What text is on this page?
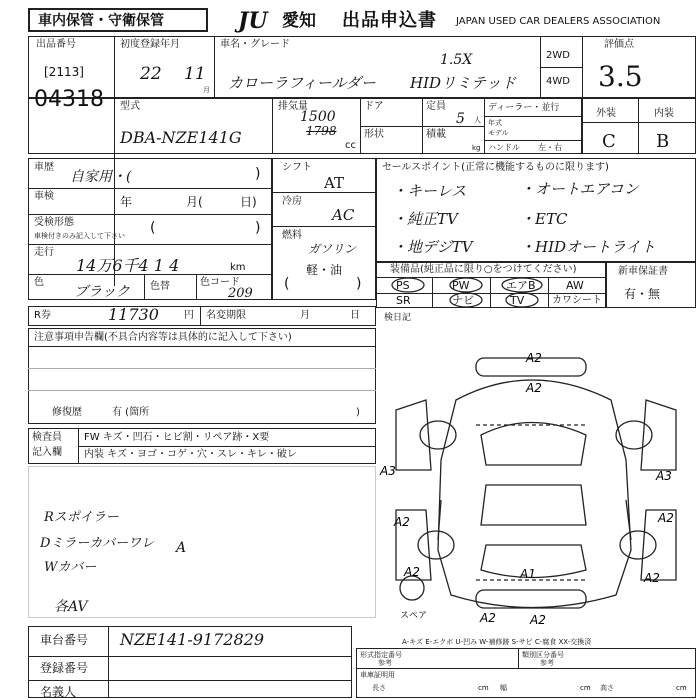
車内保管・守衛保管	JU 愛知 出品申込書 JAPAN USED CAR DEALERS ASSOCIATION
出品番号
[2113]
04318
初度登録年月
22 11
月
車名・グレード
1.5X
カローラフィールダー HIDリミテッド
2WD
4WD
評価点
3.5
型式
DBA-NZE141G
排気量
1500
1798
cc
ドア
形状
定員
5 人
積載
kg
ディーラー・並行
年式
モデル
ハンドル 左・右
外装	内装
C B
車歴
自家用・(	)
車検	年	月(	日)
受検形態
車検付きのみ記入して下さい (	)
走行
14万6千4 1 4	km
色
ブラック 色替	色コード
209
シフト
AT
冷房
AC
燃料
ガソリン
軽・油
(	)
セールスポイント(正常に機能するものに限ります)
・キーレス	・オートエアコン
・純正TV	・ETC
・地デジTV	・HIDオートライト
装備品(純正品に限り○をつけてください)
PS	PW	エアB	AW
SR	ナビ	TV	カワシート
新車保証書
有・無
R券	11730	円 名変期限	月	日	検日記
注意事項申告欄(不具合内容等は具体的に記入して下さい)
修復歴	有 (箇所	)
検査員
記入欄
FW キズ・凹石・ヒビ割・リペア跡・X要
内装 キズ・ヨゴ・コゲ・穴・スレ・キレ・破レ
Rスポイラー
Dミラーカバーワレ
Wカバー
A
各AV
A2
A2
A3	A3
A2	A2
A2	A1	A2
A2	A2
スペア
A-キズ E-エクボ U-凹み W-補修跡 S-サビ C-腐食 XX-交換済
車台番号 NZE141-9172829
登録番号
名義人
形式指定番号
参考
類別区分番号
参考
車庫証明用
長さ	cm 幅	cm 高さ	cm
